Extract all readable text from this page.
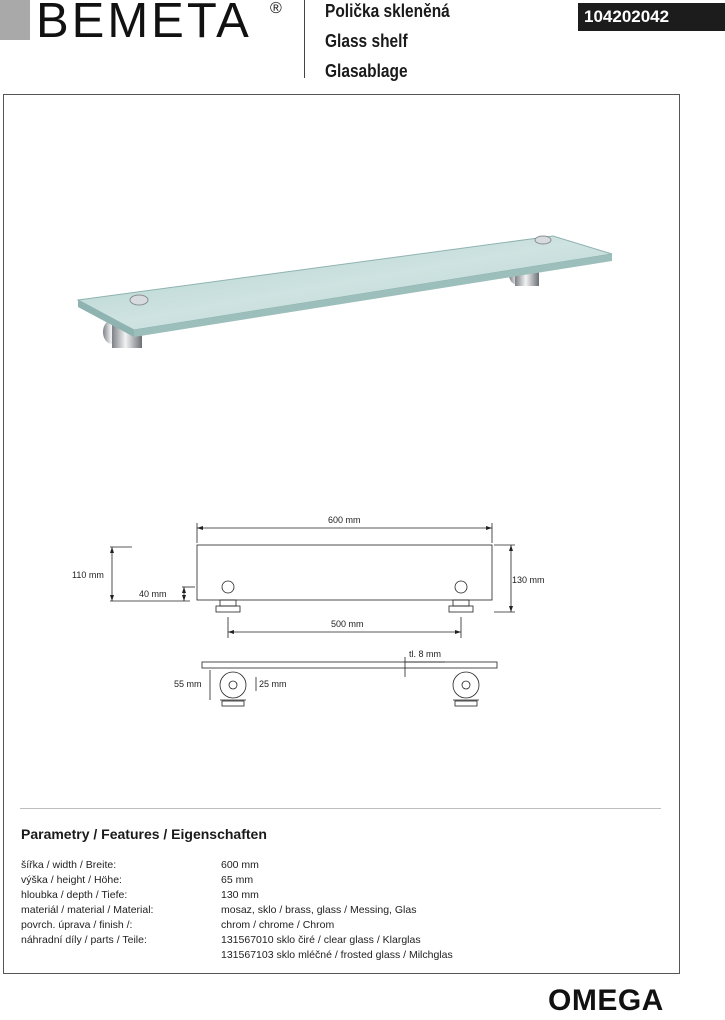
BEMETA ® Polička skleněná
Glass shelf
Glasablage
104202042
600 mm
110 mm
40 mm
130 mm
500 mm
tl. 8 mm
55 mm	25 mm
Parametry / Features / Eigenschaften
šířka / width / Breite:	600 mm
výška / height / Höhe:	65 mm
hloubka / depth / Tiefe:	130 mm
materiál / material / Material:	mosaz, sklo / brass, glass / Messing, Glas
povrch. úprava / finish /:	chrom / chrome / Chrom
náhradní díly / parts / Teile:	131567010 sklo čiré / clear glass / Klarglas
131567103 sklo mléčné / frosted glass / Milchglas
OMEGA
